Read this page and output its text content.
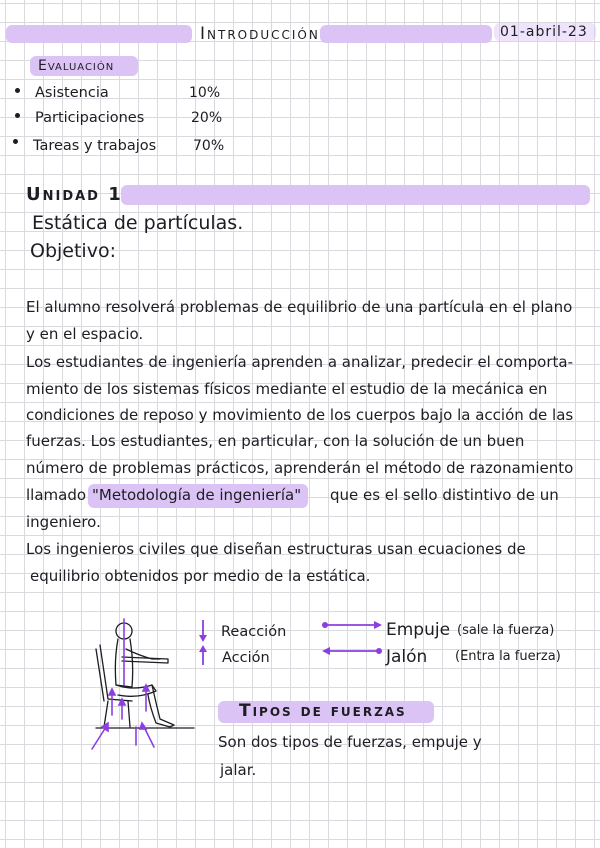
Introducción	01-abril-23
Evaluación
Asistencia	10%
Participaciones	20%
Tareas y trabajos	70%
Unidad 1
Estática de partículas.
Objetivo:
El alumno resolverá problemas de equilibrio de una partícula en el plano
y en el espacio.
Los estudiantes de ingeniería aprenden a analizar, predecir el comporta-
miento de los sistemas físicos mediante el estudio de la mecánica en
condiciones de reposo y movimiento de los cuerpos bajo la acción de las
fuerzas. Los estudiantes, en particular, con la solución de un buen
número de problemas prácticos, aprenderán el método de razonamiento
llamado "Metodología de ingeniería" que es el sello distintivo de un
ingeniero.
Los ingenieros civiles que diseñan estructuras usan ecuaciones de
equilibrio obtenidos por medio de la estática.
Reacción
Acción
Empuje (sale la fuerza)
Jalón (Entra la fuerza)
Tipos de fuerzas
Son dos tipos de fuerzas, empuje y
jalar.
